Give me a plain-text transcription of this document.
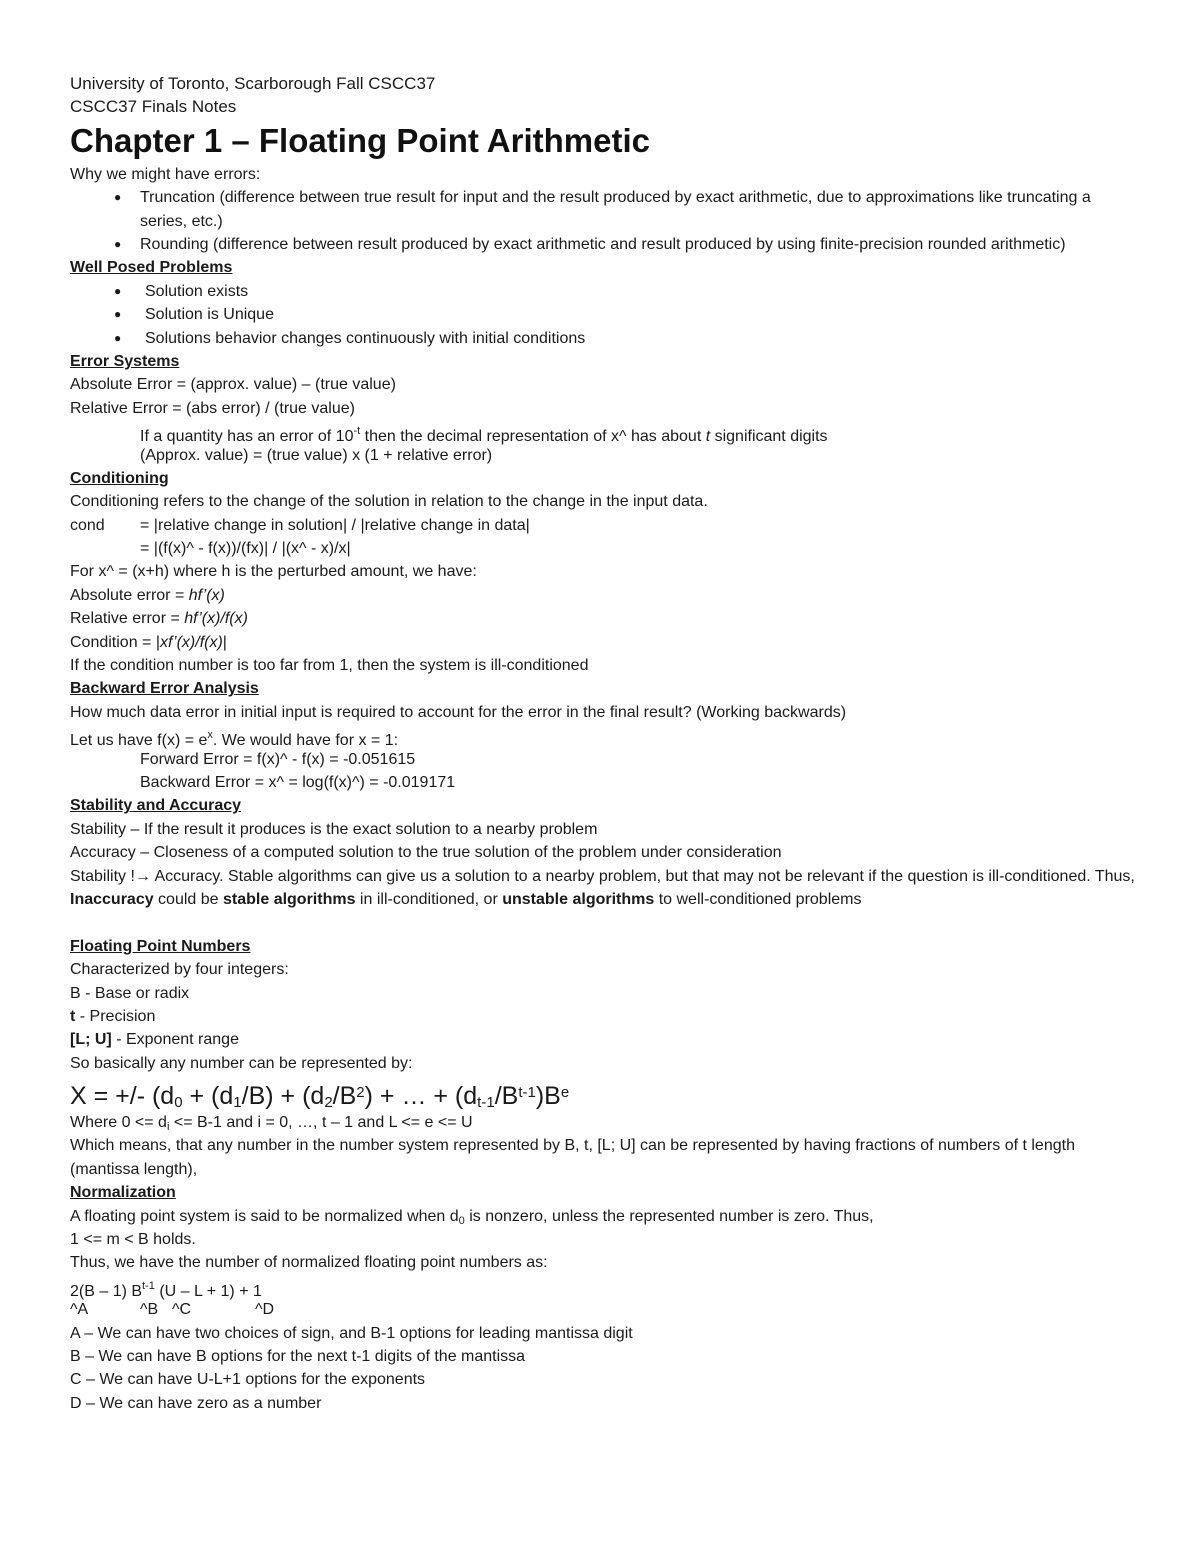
University of Toronto, Scarborough Fall CSCC37
CSCC37 Finals Notes
Chapter 1 – Floating Point Arithmetic
Why we might have errors:
● Truncation (difference between true result for input and the result produced by exact arithmetic, due to approximations like truncating a series, etc.)
● Rounding (difference between result produced by exact arithmetic and result produced by using finite-precision rounded arithmetic)
Well Posed Problems
● Solution exists
● Solution is Unique
● Solutions behavior changes continuously with initial conditions
Error Systems
Absolute Error = (approx. value) – (true value)
Relative Error = (abs error) / (true value)
If a quantity has an error of $10^{-t}$ then the decimal representation of x^ has about t significant digits
(Approx. value) = (true value) x (1 + relative error)
Conditioning
Conditioning refers to the change of the solution in relation to the change in the input data.
cond = |relative change in solution| / |relative change in data|
= |(f(x)^ - f(x))/(fx)| / |(x^ - x)/x|
For x^ = (x+h) where h is the perturbed amount, we have:
Absolute error = hf’(x)
Relative error = hf’(x)/f(x)
Condition = |xf’(x)/f(x)|
If the condition number is too far from 1, then the system is ill-conditioned
Backward Error Analysis
How much data error in initial input is required to account for the error in the final result? (Working backwards)
Let us have $f(x) = e^x$. We would have for x = 1:
Forward Error = f(x)^ - f(x) = -0.051615
Backward Error = x^ = log(f(x)^) = -0.019171
Stability and Accuracy
Stability – If the result it produces is the exact solution to a nearby problem
Accuracy – Closeness of a computed solution to the true solution of the problem under consideration
Stability !→ Accuracy. Stable algorithms can give us a solution to a nearby problem, but that may not be relevant if the question is ill-conditioned. Thus,
Inaccuracy could be stable algorithms in ill-conditioned, or unstable algorithms to well-conditioned problems
Floating Point Numbers
Characterized by four integers:
B - Base or radix
t - Precision
[L; U] - Exponent range
So basically any number can be represented by:
X = +/- ($d_0 + (d_1/B) + (d_2/B^2)$ + … + $(d_{t-1}/B^{t-1})B^e$
Where $0 <= d_i <= B-1$ and i = 0, …, t – 1 and L <= e <= U
Which means, that any number in the number system represented by B, t, [L; U] can be represented by having fractions of numbers of t length (mantissa length),
Normalization
A floating point system is said to be normalized when $d_0$ is nonzero, unless the represented number is zero. Thus,
1 <= m < B holds.
Thus, we have the number of normalized floating point numbers as:
2(B – 1) $B^{t-1}$ (U – L + 1) + 1
^A	^B ^C	^D
A – We can have two choices of sign, and B-1 options for leading mantissa digit
B – We can have B options for the next t-1 digits of the mantissa
C – We can have U-L+1 options for the exponents
D – We can have zero as a number
